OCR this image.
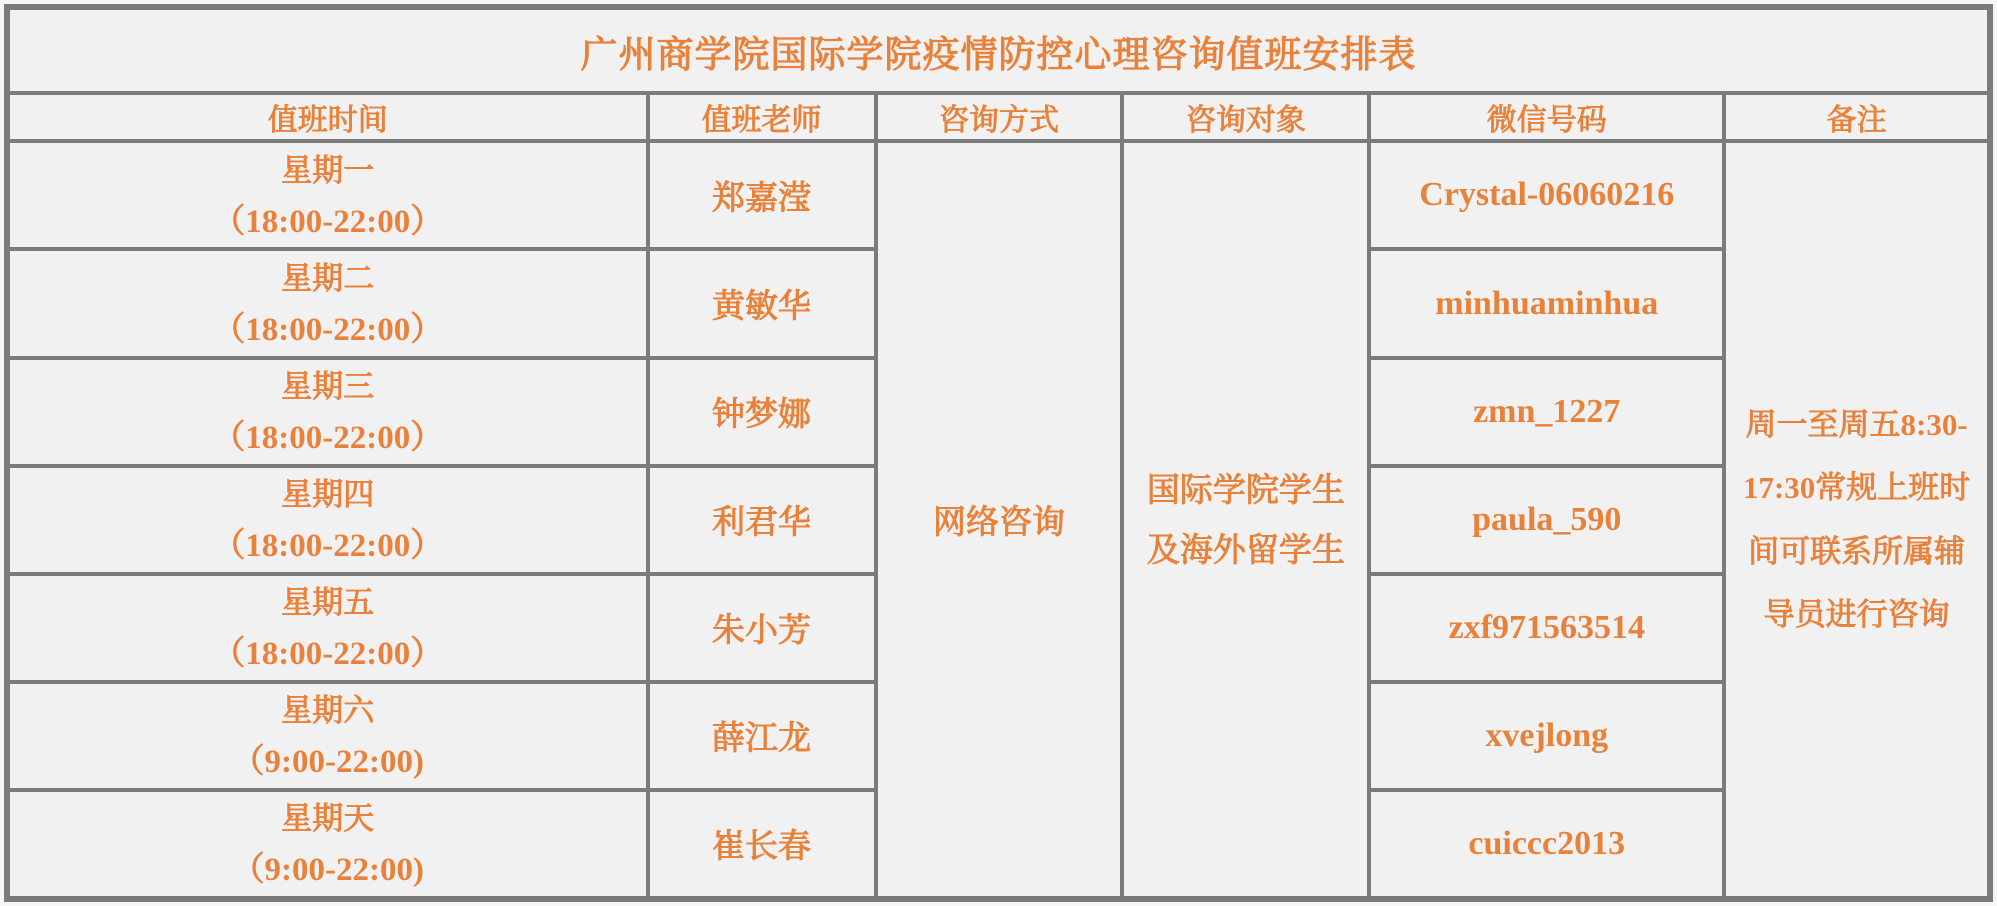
广州商学院国际学院疫情防控心理咨询值班安排表					
值班时间	值班老师	咨询方式	咨询对象	微信号码	备注

星期一
（18:00-22:00）	郑嘉滢	网络咨询	国际学院学生及海外留学生	Crystal-06060216	周一至周五8:30-17:30常规上班时间可联系所属辅导员进行咨询

星期二
（18:00-22:00）	黄敏华			minhuaminhua	

星期三
（18:00-22:00）	钟梦娜			zmn_1227	

星期四
（18:00-22:00）	利君华			paula_590	

星期五
（18:00-22:00）	朱小芳			zxf971563514	

星期六
（9:00-22:00)	薛江龙			xvejlong	

星期天
（9:00-22:00)	崔长春			cuiccc2013	
